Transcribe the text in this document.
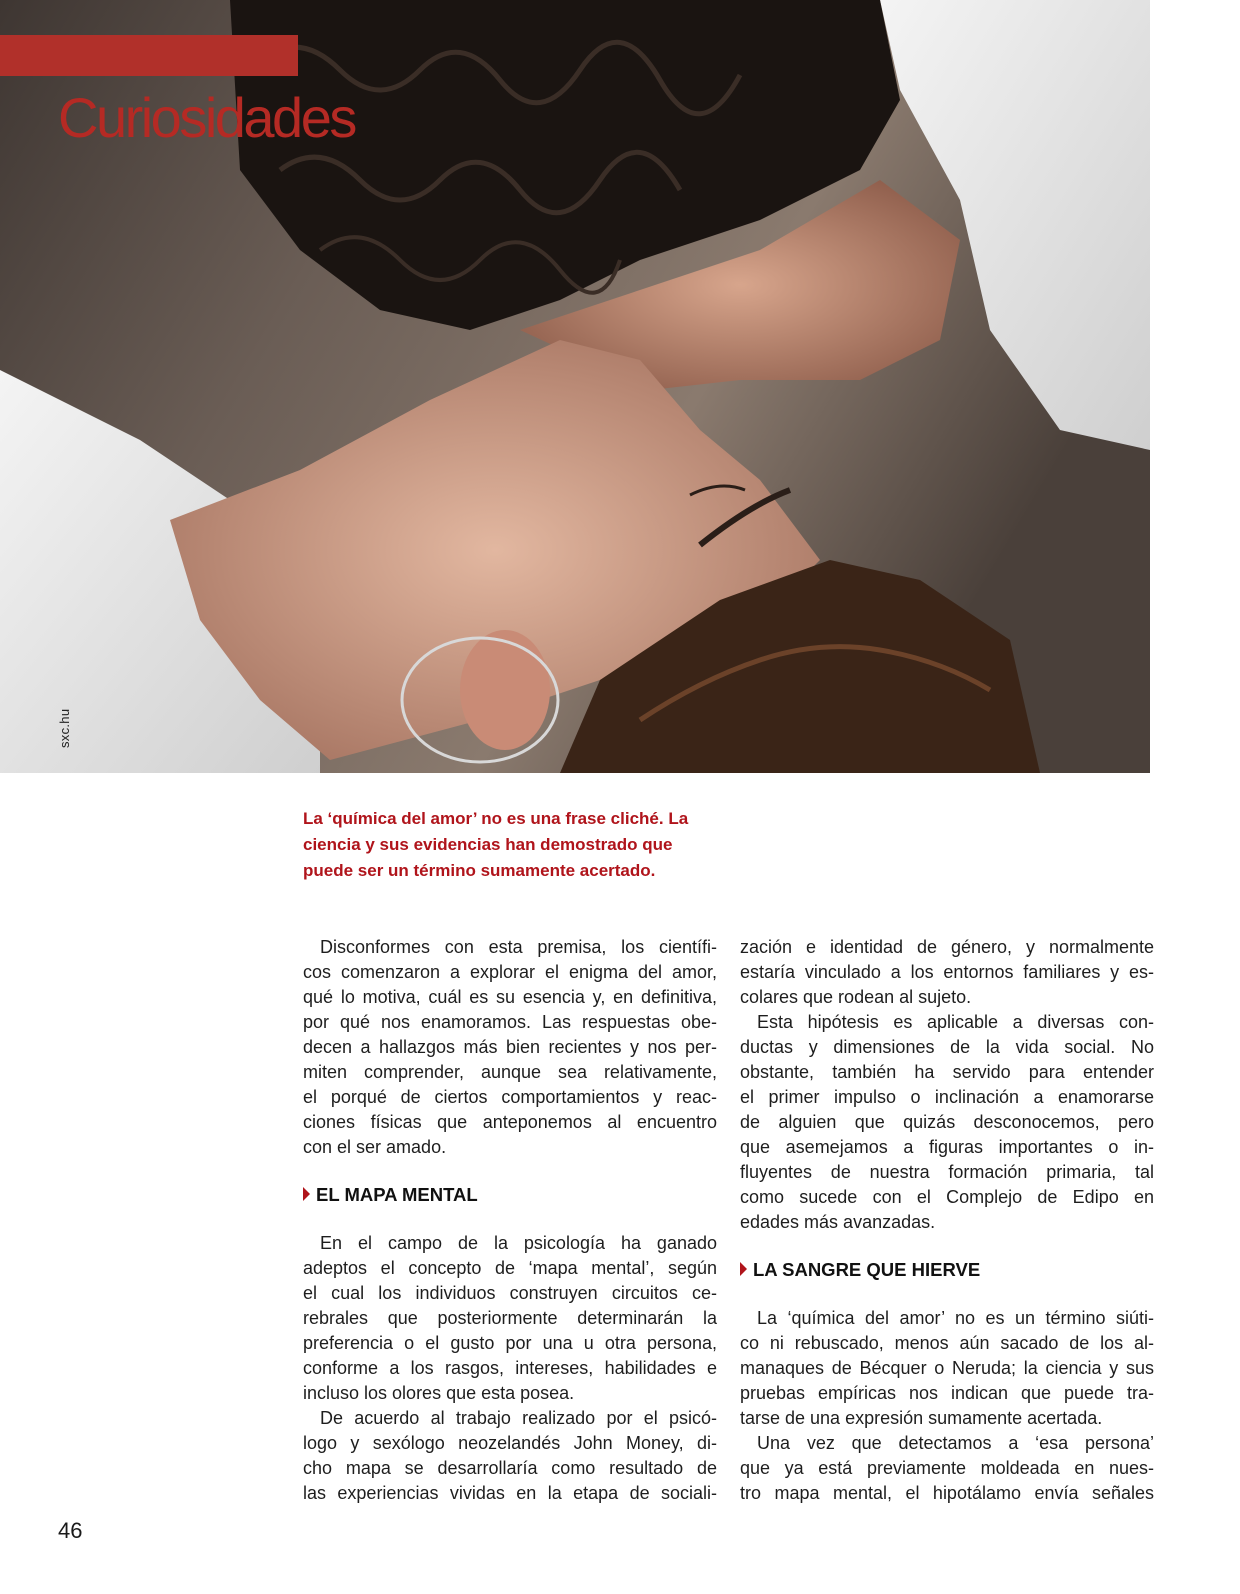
sxc.hu
Curiosidades
La ‘química del amor’ no es una frase cliché. La
ciencia y sus evidencias han demostrado que
puede ser un término sumamente acertado.
Disconformes con esta premisa, los científi-
cos comenzaron a explorar el enigma del amor,
qué lo motiva, cuál es su esencia y, en definitiva,
por qué nos enamoramos. Las respuestas obe-
decen a hallazgos más bien recientes y nos per-
miten comprender, aunque sea relativamente,
el porqué de ciertos comportamientos y reac-
ciones físicas que anteponemos al encuentro
con el ser amado.
EL MAPA MENTAL
En el campo de la psicología ha ganado
adeptos el concepto de ‘mapa mental’, según
el cual los individuos construyen circuitos ce-
rebrales que posteriormente determinarán la
preferencia o el gusto por una u otra persona,
conforme a los rasgos, intereses, habilidades e
incluso los olores que esta posea.
De acuerdo al trabajo realizado por el psicó-
logo y sexólogo neozelandés John Money, di-
cho mapa se desarrollaría como resultado de
las experiencias vividas en la etapa de sociali-
zación e identidad de género, y normalmente
estaría vinculado a los entornos familiares y es-
colares que rodean al sujeto.
Esta hipótesis es aplicable a diversas con-
ductas y dimensiones de la vida social. No
obstante, también ha servido para entender
el primer impulso o inclinación a enamorarse
de alguien que quizás desconocemos, pero
que asemejamos a figuras importantes o in-
fluyentes de nuestra formación primaria, tal
como sucede con el Complejo de Edipo en
edades más avanzadas.
LA SANGRE QUE HIERVE
La ‘química del amor’ no es un término siúti-
co ni rebuscado, menos aún sacado de los al-
manaques de Bécquer o Neruda; la ciencia y sus
pruebas empíricas nos indican que puede tra-
tarse de una expresión sumamente acertada.
Una vez que detectamos a ‘esa persona’
que ya está previamente moldeada en nues-
tro mapa mental, el hipotálamo envía señales
46
